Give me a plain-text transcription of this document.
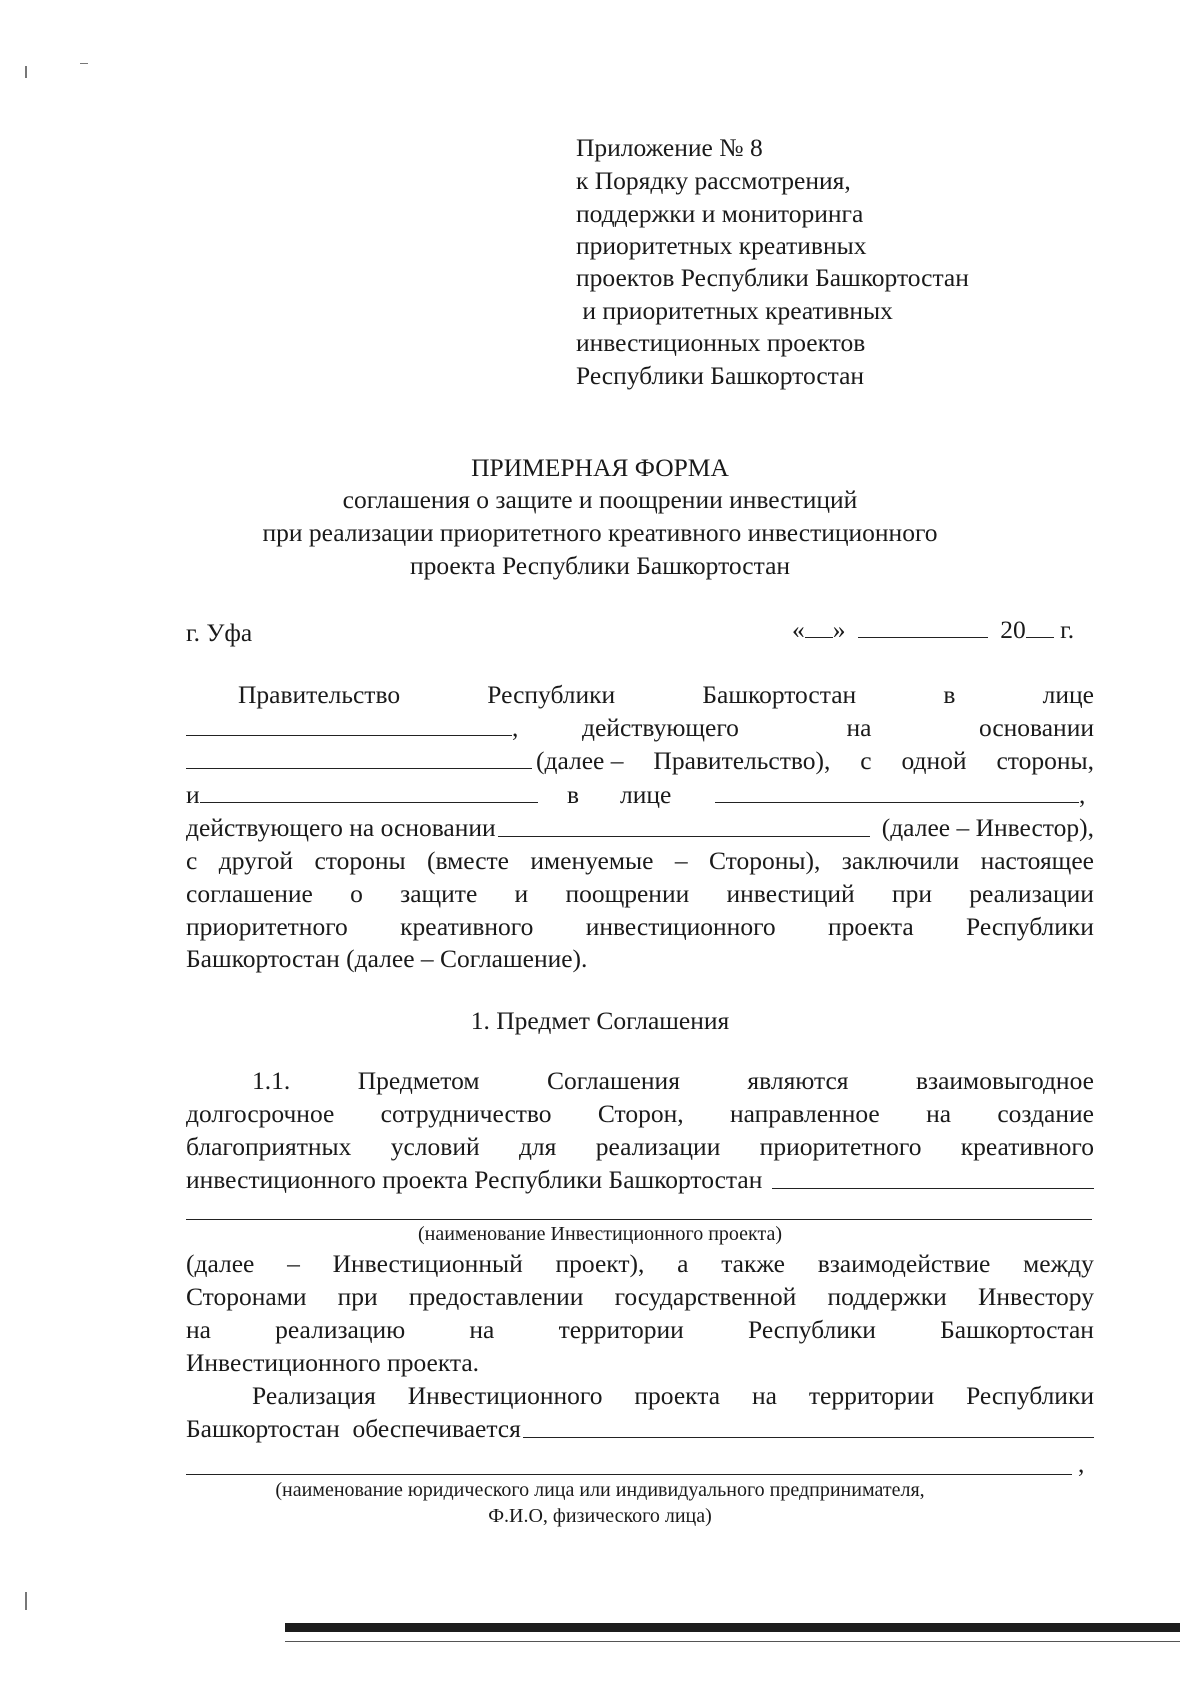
Приложение № 8
к Порядку рассмотрения,
поддержки и мониторинга
приоритетных креативных
проектов Республики Башкортостан
и приоритетных креативных
инвестиционных проектов
Республики Башкортостан
ПРИМЕРНАЯ ФОРМА
соглашения о защите и поощрении инвестиций
при реализации приоритетного креативного инвестиционного
проекта Республики Башкортостан
г. Уфа	« »	20 г.
Правительство	Республики	Башкортостан	в	лице
, действующего	на	основании
(далее – Правительство), с одной стороны,
и	в лице	,
действующего на основании	(далее – Инвестор),
с другой стороны (вместе именуемые – Стороны), заключили настоящее
соглашение о защите и поощрении инвестиций при реализации
приоритетного креативного инвестиционного проекта Республики
Башкортостан (далее – Соглашение).
1. Предмет Соглашения
1.1.	Предметом	Соглашения	являются	взаимовыгодное
долгосрочное сотрудничество Сторон, направленное на создание
благоприятных условий для реализации приоритетного креативного
инвестиционного проекта Республики Башкортостан
(наименование Инвестиционного проекта)
(далее – Инвестиционный проект), а также взаимодействие между
Сторонами при предоставлении государственной поддержки Инвестору
на	реализацию	на	территории	Республики	Башкортостан
Инвестиционного проекта.
Реализация Инвестиционного проекта на территории Республики
Башкортостан  обеспечивается
,
(наименование юридического лица или индивидуального предпринимателя,
Ф.И.О, физического лица)
